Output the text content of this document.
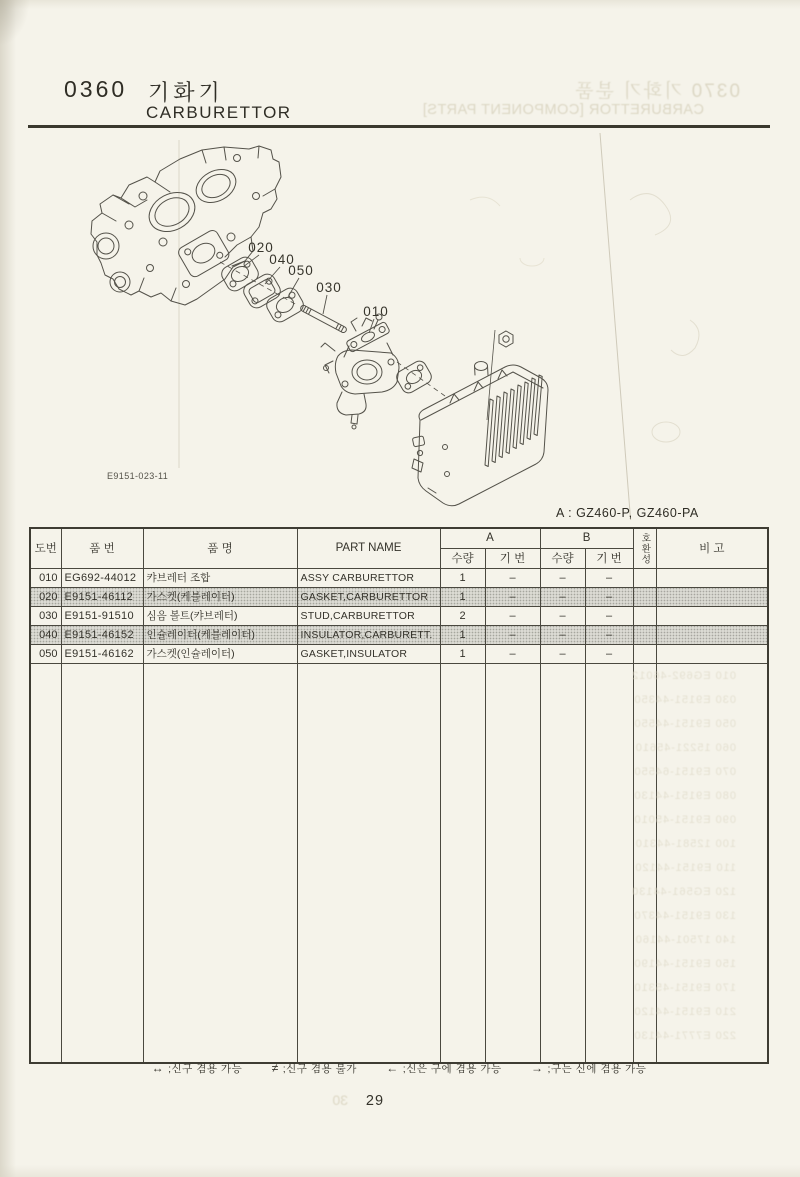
0370 기화기 분품
CARBURETTOR [COMPONENT PARTS]
0360 기화기
CARBURETTOR
020
040
050
030
010
E9151-023-11
A : GZ460-P, GZ460-PA
도번	품 번	품 명	PART NAME	A		B		호환성	비 고
				수량	기 번	수량	기 번		
010	EG692-44012	캬브레터 조합	ASSY CARBURETTOR	1	–	–	–		
020	E9151-46112	가스켓(케블레이터)	GASKET,CARBURETTOR	1	–	–	–		
030	E9151-91510	심음 볼트(캬브레터)	STUD,CARBURETTOR	2	–	–	–		
040	E9151-46152	인슐레이터(케블레이터)	INSULATOR,CARBURETT.	1	–	–	–		
050	E9151-46162	가스켓(인슐레이터)	GASKET,INSULATOR	1	–	–	–		

010 EG692-46012
030 E9151-44350
050 E9151-44550
060 15221-45610
070 E9151-64550
080 E9151-44130
090 E9151-45010
100 12581-44310
110 E9151-44120
120 EG561-44130
130 E9151-44370
140 17501-44160
150 E9151-44190
170 E9151-45310
210 E9151-44120
220 E7771-44130
↔ ;신구 겸용 가능 ≠ ;신구 겸용 불가 ← ;신은 구에 겸용 가능 → ;구는 신에 겸용 가능
30	29
